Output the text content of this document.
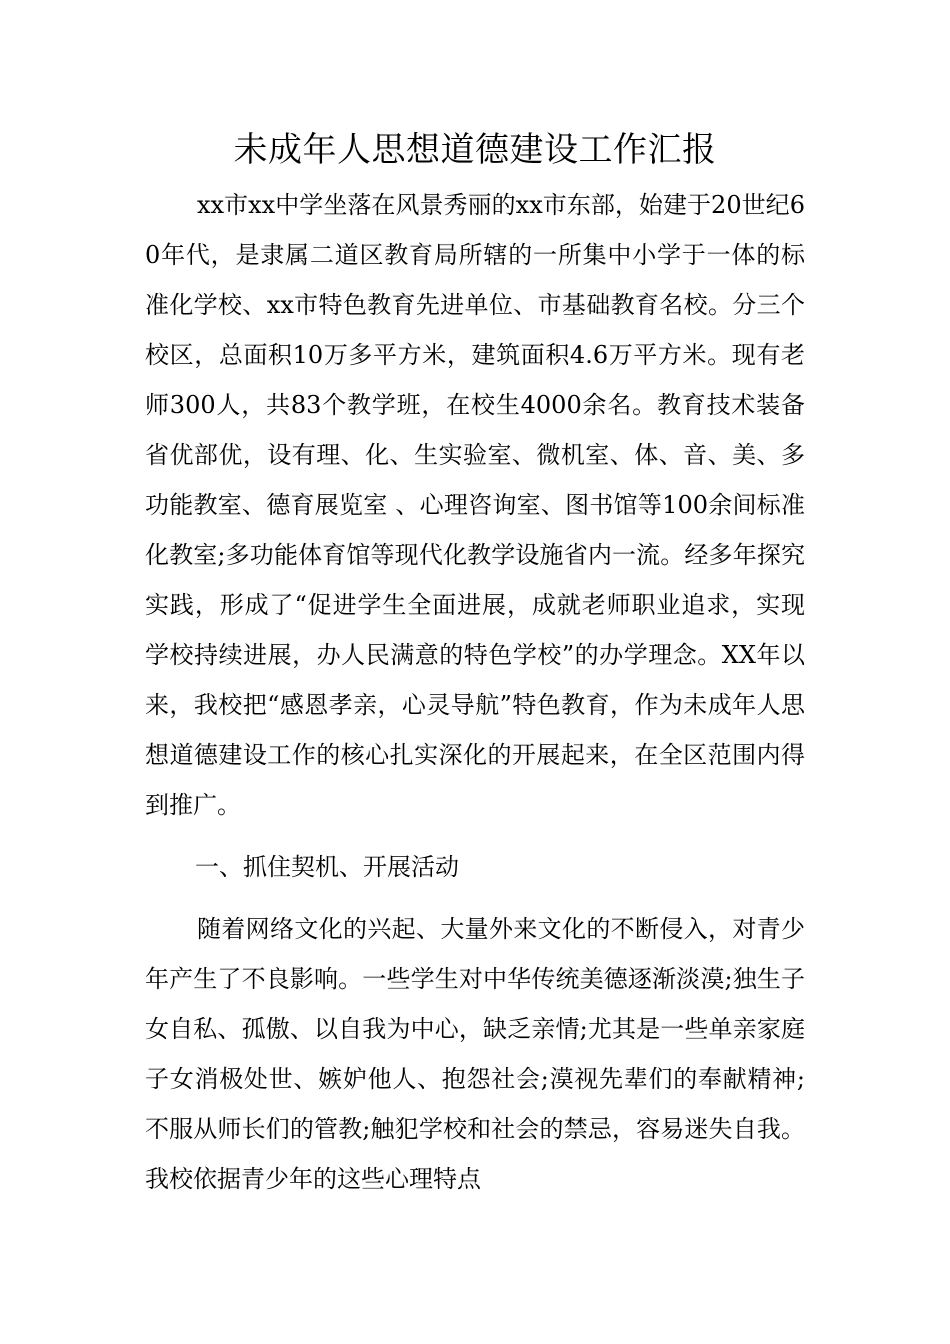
未成年人思想道德建设工作汇报

xx市xx中学坐落在风景秀丽的xx市东部，始建于20世纪60年代，是隶属二道区教育局所辖的一所集中小学于一体的标准化学校、xx市特色教育先进单位、市基础教育名校。分三个校区，总面积10万多平方米，建筑面积4.6万平方米。现有老师300人，共83个教学班，在校生4000余名。教育技术装备省优部优，设有理、化、生实验室、微机室、体、音、美、多功能教室、德育展览室 、心理咨询室、图书馆等100余间标准化教室;多功能体育馆等现代化教学设施省内一流。经多年探究实践，形成了“促进学生全面进展，成就老师职业追求，实现学校持续进展，办人民满意的特色学校”的办学理念。XX年以来，我校把“感恩孝亲，心灵导航”特色教育，作为未成年人思想道德建设工作的核心扎实深化的开展起来，在全区范围内得到推广。

一、抓住契机、开展活动

随着网络文化的兴起、大量外来文化的不断侵入，对青少年产生了不良影响。一些学生对中华传统美德逐渐淡漠;独生子女自私、孤傲、以自我为中心，缺乏亲情;尤其是一些单亲家庭子女消极处世、嫉妒他人、抱怨社会;漠视先辈们的奉献精神;不服从师长们的管教;触犯学校和社会的禁忌，容易迷失自我。我校依据青少年的这些心理特点
